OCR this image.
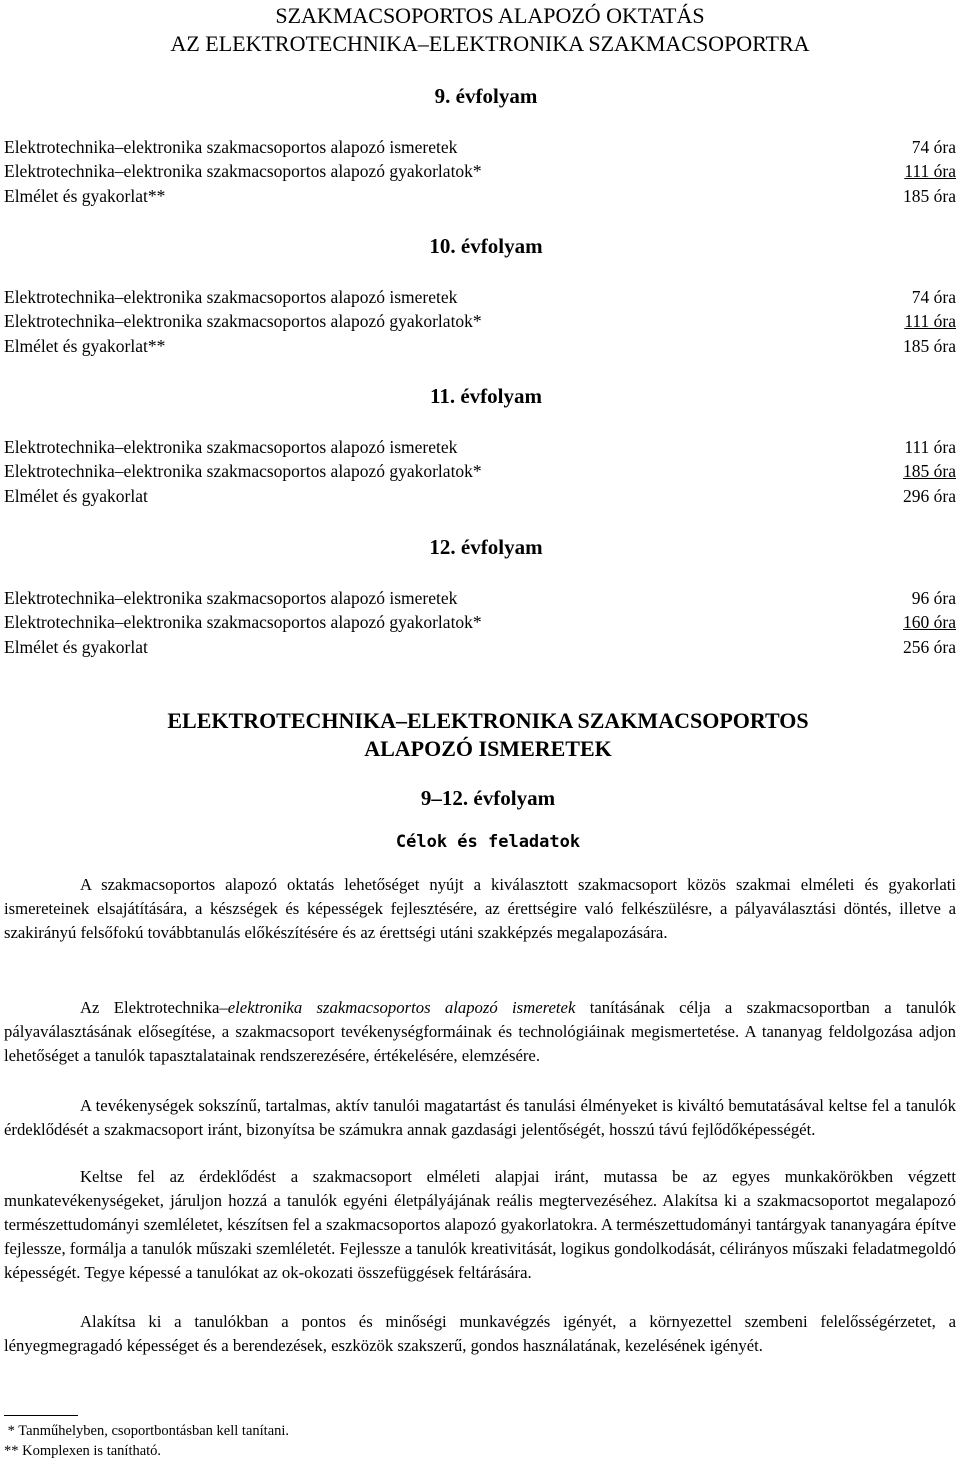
SZAKMACSOPORTOS ALAPOZÓ OKTATÁS
AZ ELEKTROTECHNIKA–ELEKTRONIKA SZAKMACSOPORTRA
9. évfolyam
Elektrotechnika–elektronika szakmacsoportos alapozó ismeretek	74 óra
Elektrotechnika–elektronika szakmacsoportos alapozó gyakorlatok*	111 óra
Elmélet és gyakorlat**	185 óra
10. évfolyam
Elektrotechnika–elektronika szakmacsoportos alapozó ismeretek	74 óra
Elektrotechnika–elektronika szakmacsoportos alapozó gyakorlatok*	111 óra
Elmélet és gyakorlat**	185 óra
11. évfolyam
Elektrotechnika–elektronika szakmacsoportos alapozó ismeretek	111 óra
Elektrotechnika–elektronika szakmacsoportos alapozó gyakorlatok*	185 óra
Elmélet és gyakorlat	296 óra
12. évfolyam
Elektrotechnika–elektronika szakmacsoportos alapozó ismeretek	96 óra
Elektrotechnika–elektronika szakmacsoportos alapozó gyakorlatok*	160 óra
Elmélet és gyakorlat	256 óra
ELEKTROTECHNIKA–ELEKTRONIKA SZAKMACSOPORTOS
ALAPOZÓ ISMERETEK
9–12. évfolyam
Célok és feladatok
A szakmacsoportos alapozó oktatás lehetőséget nyújt a kiválasztott szakmacsoport közös szakmai elméleti és gyakorlati ismereteinek elsajátítására, a készségek és képességek fejlesztésére, az érettségire való felkészülésre, a pályaválasztási döntés, illetve a szakirányú felsőfokú továbbtanulás előkészítésére és az érettségi utáni szakképzés megalapozására.
Az Elektrotechnika–elektronika szakmacsoportos alapozó ismeretek tanításának célja a szakmacsoportban a tanulók pályaválasztásának elősegítése, a szakmacsoport tevékenységformáinak és technológiáinak megismertetése. A tananyag feldolgozása adjon lehetőséget a tanulók tapasztalatainak rendszerezésére, értékelésére, elemzésére.
A tevékenységek sokszínű, tartalmas, aktív tanulói magatartást és tanulási élményeket is kiváltó bemutatásával keltse fel a tanulók érdeklődését a szakmacsoport iránt, bizonyítsa be számukra annak gazdasági jelentőségét, hosszú távú fejlődőképességét.
Keltse fel az érdeklődést a szakmacsoport elméleti alapjai iránt, mutassa be az egyes munkakörökben végzett munkatevékenységeket, járuljon hozzá a tanulók egyéni életpályájának reális megtervezéséhez. Alakítsa ki a szakmacsoportot megalapozó természettudományi szemléletet, készítsen fel a szakmacsoportos alapozó gyakorlatokra. A természettudományi tantárgyak tananyagára építve fejlessze, formálja a tanulók műszaki szemléletét. Fejlessze a tanulók kreativitását, logikus gondolkodását, célirányos műszaki feladatmegoldó képességét. Tegye képessé a tanulókat az ok-okozati összefüggések feltárására.
Alakítsa ki a tanulókban a pontos és minőségi munkavégzés igényét, a környezettel szembeni felelősségérzetet, a lényegmegragadó képességet és a berendezések, eszközök szakszerű, gondos használatának, kezelésének igényét.
* Tanműhelyben, csoportbontásban kell tanítani.
** Komplexen is tanítható.
